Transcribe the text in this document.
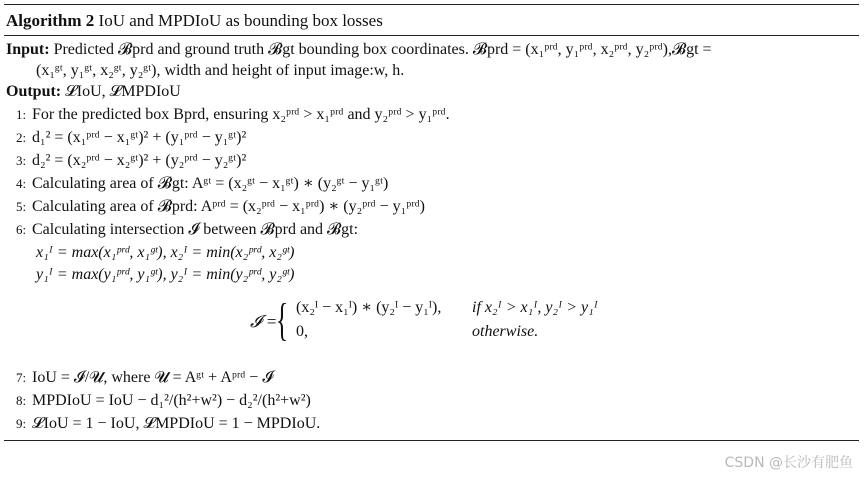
Algorithm 2 IoU and MPDIoU as bounding box losses
Input: Predicted 𝓑prd and ground truth 𝓑gt bounding box coordinates. 𝓑prd = (x₁ᵖʳᵈ, y₁ᵖʳᵈ, x₂ᵖʳᵈ, y₂ᵖʳᵈ),𝓑gt =
(x₁ᵍᵗ, y₁ᵍᵗ, x₂ᵍᵗ, y₂ᵍᵗ), width and height of input image:w, h.
Output: 𝓛IoU, 𝓛MPDIoU
1: For the predicted box Bprd, ensuring x₂ᵖʳᵈ > x₁ᵖʳᵈ and y₂ᵖʳᵈ > y₁ᵖʳᵈ.
2: d₁² = (x₁ᵖʳᵈ − x₁ᵍᵗ)² + (y₁ᵖʳᵈ − y₁ᵍᵗ)²
3: d₂² = (x₂ᵖʳᵈ − x₂ᵍᵗ)² + (y₂ᵖʳᵈ − y₂ᵍᵗ)²
4: Calculating area of 𝓑gt: Aᵍᵗ = (x₂ᵍᵗ − x₁ᵍᵗ) ∗ (y₂ᵍᵗ − y₁ᵍᵗ)
5: Calculating area of 𝓑prd: Aᵖʳᵈ = (x₂ᵖʳᵈ − x₁ᵖʳᵈ) ∗ (y₂ᵖʳᵈ − y₁ᵖʳᵈ)
6: Calculating intersection 𝓘 between 𝓑prd and 𝓑gt:
x₁ᴵ = max(x₁ᵖʳᵈ, x₁ᵍᵗ), x₂ᴵ = min(x₂ᵖʳᵈ, x₂ᵍᵗ)
y₁ᴵ = max(y₁ᵖʳᵈ, y₁ᵍᵗ), y₂ᴵ = min(y₂ᵖʳᵈ, y₂ᵍᵗ)
𝓘 =
{ (x₂ᴵ − x₁ᴵ) ∗ (y₂ᴵ − y₁ᴵ), if x₂ᴵ > x₁ᴵ, y₂ᴵ > y₁ᴵ
0,	otherwise.
7: IoU = 𝓘/𝓤, where 𝓤 = Aᵍᵗ + Aᵖʳᵈ − 𝓘
8: MPDIoU = IoU − d₁²/(h²+w²) − d₂²/(h²+w²)
9: 𝓛IoU = 1 − IoU, 𝓛MPDIoU = 1 − MPDIoU.
CSDN @长沙有肥鱼
